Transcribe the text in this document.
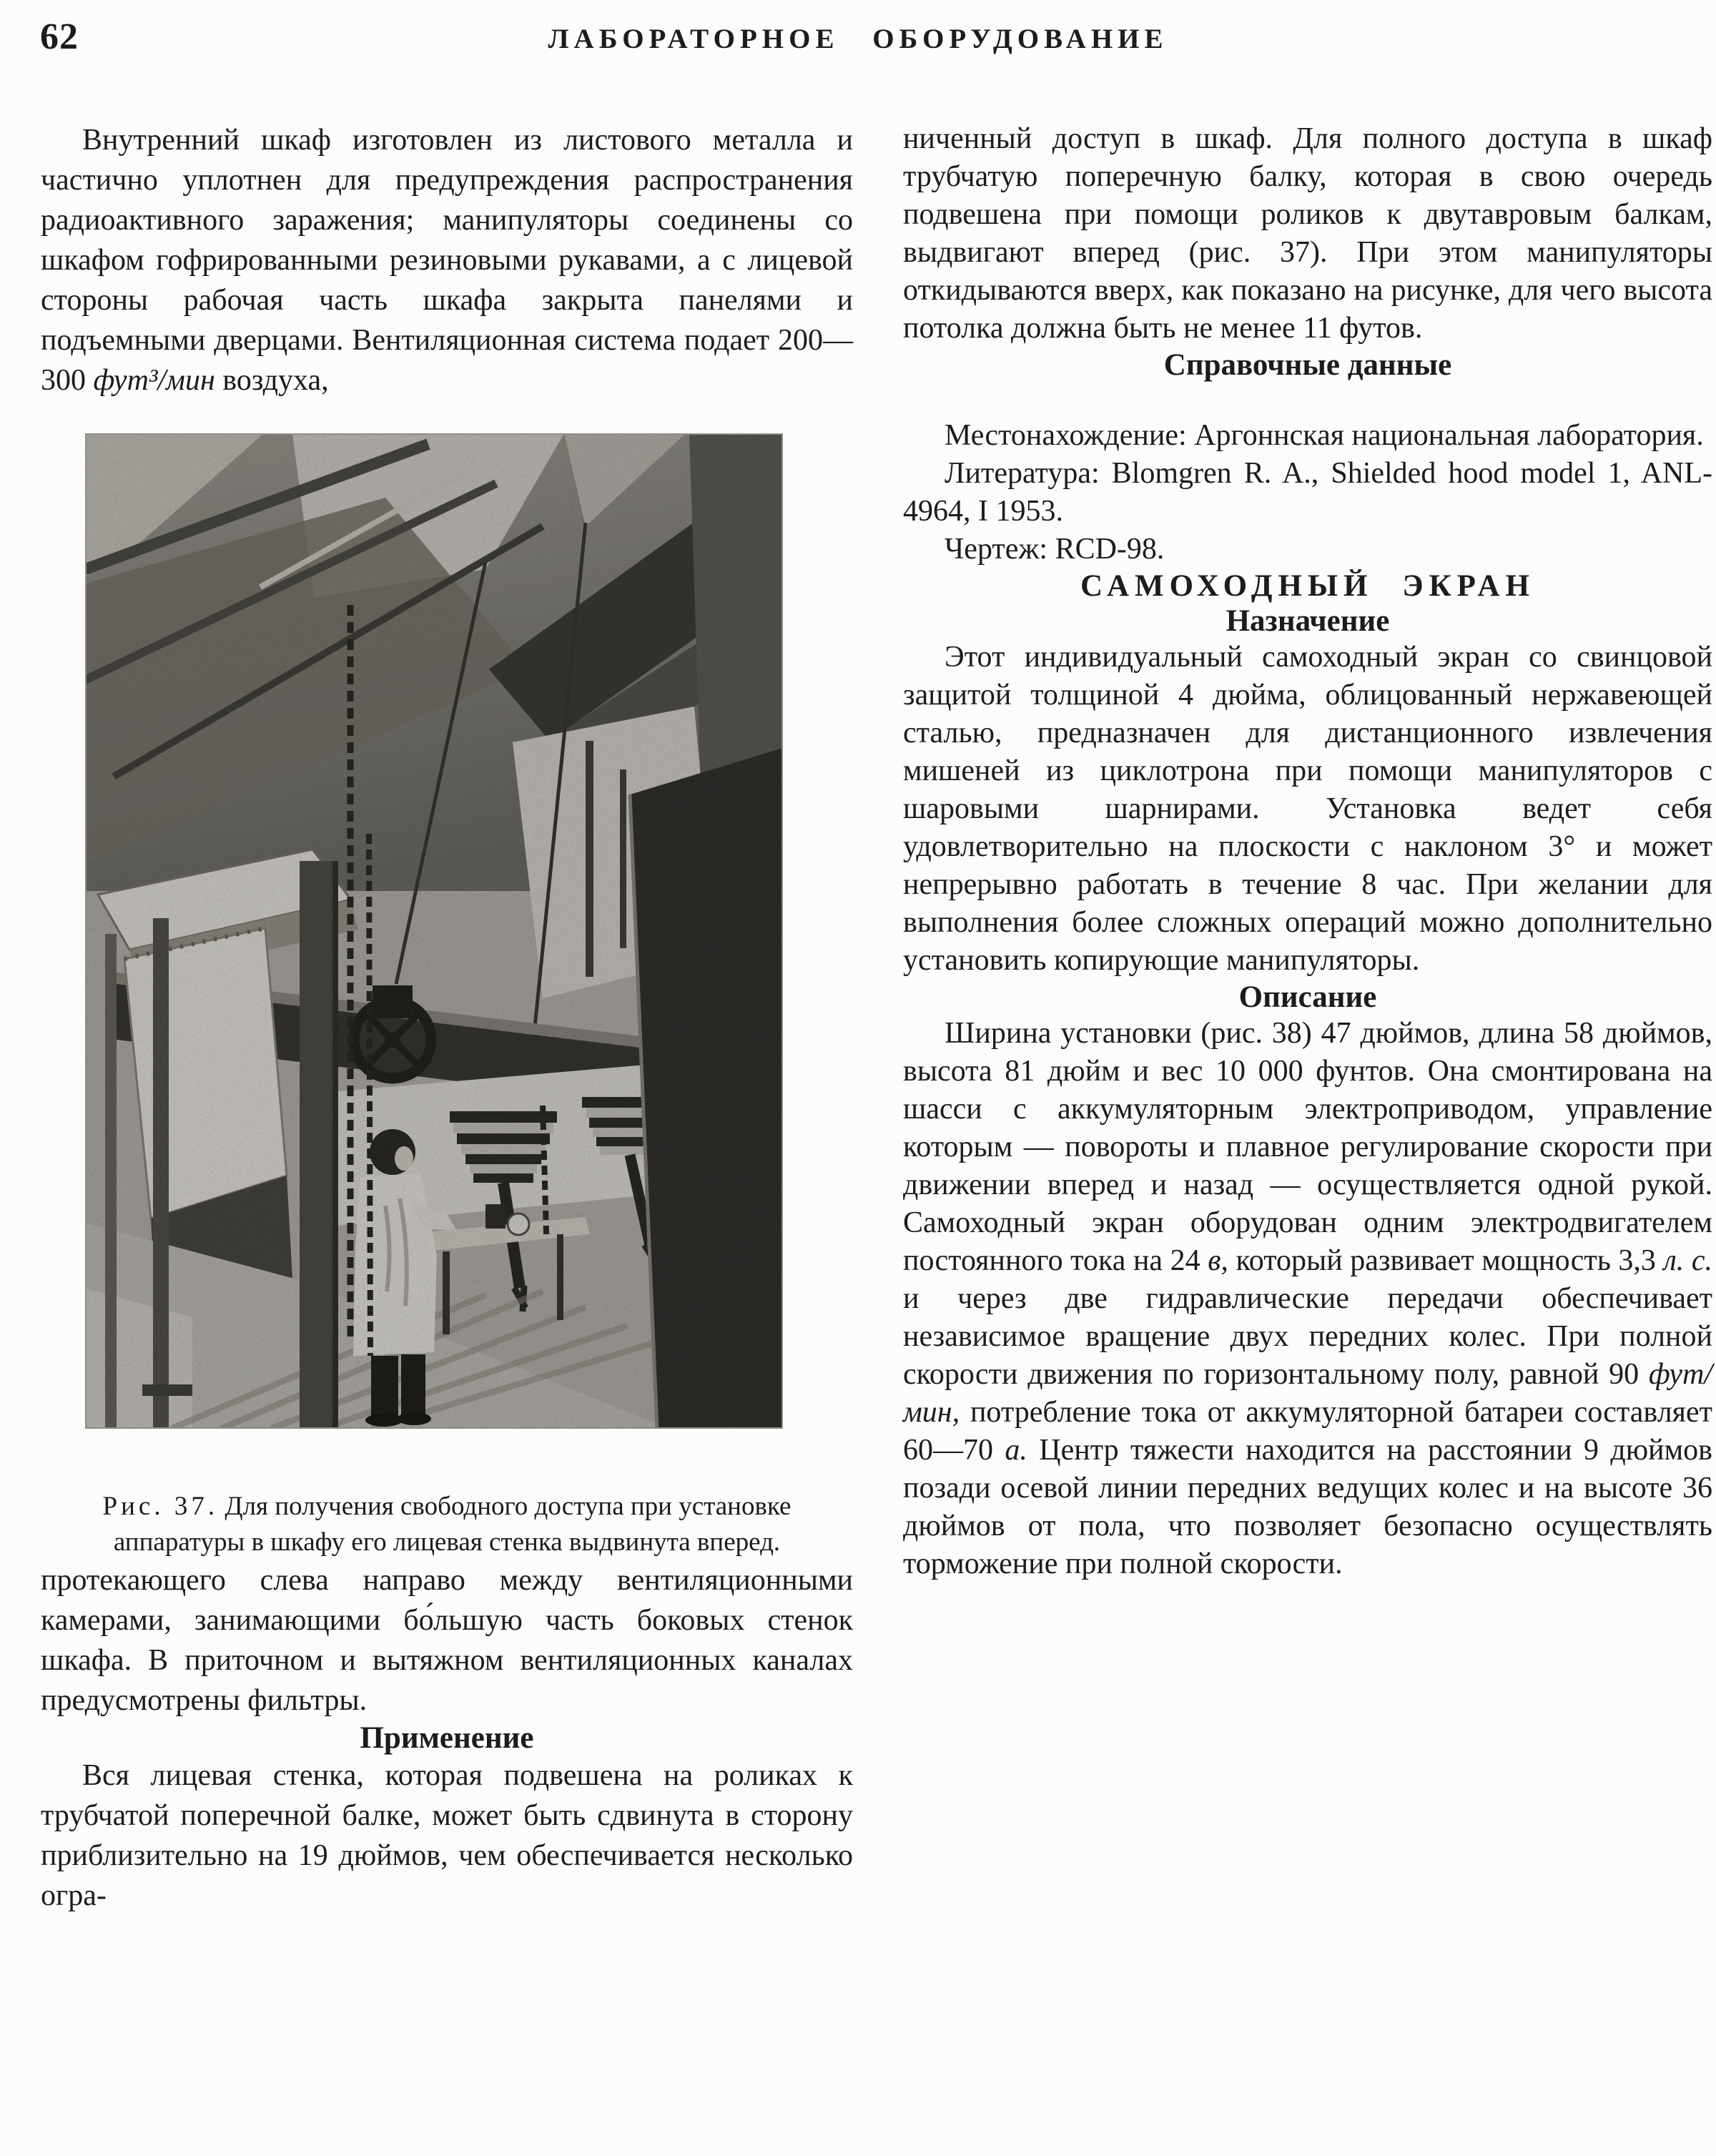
62	ЛАБОРАТОРНОЕ ОБОРУДОВАНИЕ

Внутренний шкаф изготовлен из листового металла и частично уплотнен для предупреждения распространения радиоактивного заражения; манипуляторы соединены со шкафом гофрированными резиновыми рукавами, а с лицевой стороны рабочая часть шкафа закрыта панелями и подъемными дверцами. Вентиляционная система подает 200—300 фут³/мин воздуха,

Рис. 37. Для получения свободного доступа при установке аппаратуры в шкафу его лицевая стенка выдвинута вперед.

протекающего слева направо между вентиляционными камерами, занимающими бо́льшую часть боковых стенок шкафа. В приточном и вытяжном вентиляционных каналах предусмотрены фильтры.

Применение

Вся лицевая стенка, которая подвешена на роликах к трубчатой поперечной балке, может быть сдвинута в сторону приблизительно на 19 дюймов, чем обеспечивается несколько огра-

ниченный доступ в шкаф. Для полного доступа в шкаф трубчатую поперечную балку, которая в свою очередь подвешена при помощи роликов к двутавровым балкам, выдвигают вперед (рис. 37). При этом манипуляторы откидываются вверх, как показано на рисунке, для чего высота потолка должна быть не менее 11 футов.

Справочные данные

Местонахождение: Аргоннская национальная лаборатория.

Литература: Blomgren R. A., Shielded hood model 1, ANL-4964, I 1953.

Чертеж: RCD-98.

САМОХОДНЫЙ ЭКРАН
Назначение

Этот индивидуальный самоходный экран со свинцовой защитой толщиной 4 дюйма, облицованный нержавеющей сталью, предназначен для дистанционного извлечения мишеней из циклотрона при помощи манипуляторов с шаровыми шарнирами. Установка ведет себя удовлетворительно на плоскости с наклоном 3° и может непрерывно работать в течение 8 час. При желании для выполнения более сложных операций можно дополнительно установить копирующие манипуляторы.

Описание

Ширина установки (рис. 38) 47 дюймов, длина 58 дюймов, высота 81 дюйм и вес 10 000 фунтов. Она смонтирована на шасси с аккумуляторным электроприводом, управление которым — повороты и плавное регулирование скорости при движении вперед и назад — осуществляется одной рукой. Самоходный экран оборудован одним электродвигателем постоянного тока на 24 в, который развивает мощность 3,3 л. с. и через две гидравлические передачи обеспечивает независимое вращение двух передних колес. При полной скорости движения по горизонтальному полу, равной 90 фут/мин, потребление тока от аккумуляторной батареи составляет 60—70 а. Центр тяжести находится на расстоянии 9 дюймов позади осевой линии передних ведущих колес и на высоте 36 дюймов от пола, что позволяет безопасно осуществлять торможение при полной скорости.
